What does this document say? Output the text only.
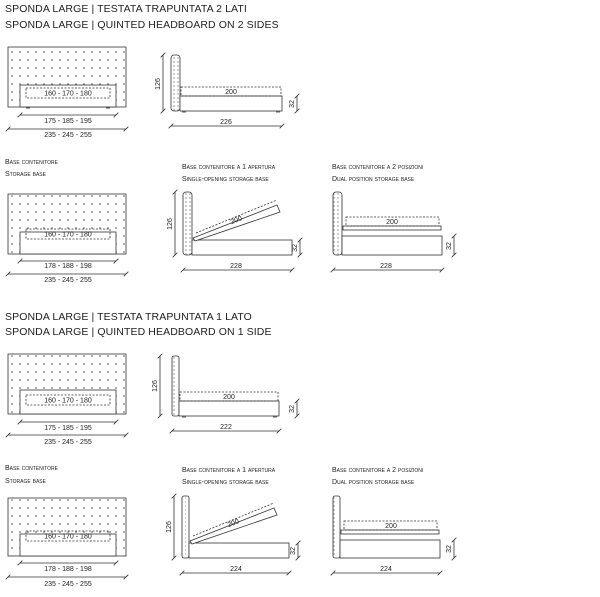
SPONDA LARGE | TESTATA TRAPUNTATA 2 LATI
SPONDA LARGE | QUINTED HEADBOARD ON 2 SIDES
SPONDA LARGE | TESTATA TRAPUNTATA 1 LATO
SPONDA LARGE | QUINTED HEADBOARD ON 1 SIDE
Base contenitore
Storage base
Base contenitore a 1 apertura
Single-opening storage base
Base contenitore a 2 posizioni
Dual position storage base
Base contenitore
Storage base
Base contenitore a 1 apertura
Single-opening storage base
Base contenitore a 2 posizioni
Dual position storage base
160 - 170 - 180
175 - 185 - 195
235 - 245 - 255
126
200
32
226
160 - 170 - 180
178 - 188 - 198
235 - 245 - 255
126	200
32
228
200
32
228
160 - 170 - 180
175 - 185 - 195
235 - 245 - 255
126
200
32
222
160 - 170 - 180
178 - 188 - 198
235 - 245 - 255
126	200
32
224
200
32
224
